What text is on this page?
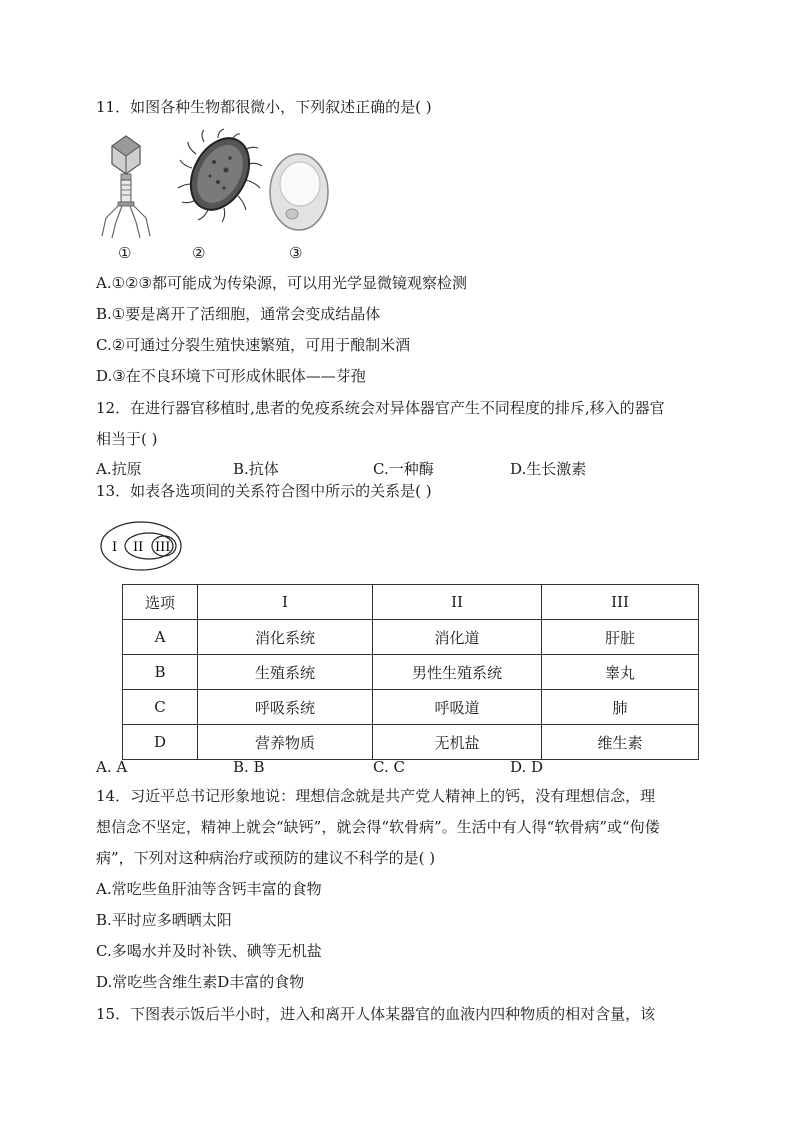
11．如图各种生物都很微小，下列叙述正确的是( )
①	②	③
A.①②③都可能成为传染源，可以用光学显微镜观察检测
B.①要是离开了活细胞，通常会变成结晶体
C.②可通过分裂生殖快速繁殖，可用于酿制米酒
D.③在不良环境下可形成休眠体——芽孢
12．在进行器官移植时,患者的免疫系统会对异体器官产生不同程度的排斥,移入的器官
相当于( )
A.抗原	B.抗体	C.一种酶	D.生长激素
13．如表各选项间的关系符合图中所示的关系是( )
I II III
选项	I	II	III
A	消化系统	消化道	肝脏
B	生殖系统	男性生殖系统	睾丸
C	呼吸系统	呼吸道	肺
D	营养物质	无机盐	维生素
A. A	B. B	C. C	D. D
14．习近平总书记形象地说：理想信念就是共产党人精神上的钙，没有理想信念，理
想信念不坚定，精神上就会“缺钙”，就会得“软骨病”。生活中有人得“软骨病”或“佝偻
病”，下列对这种病治疗或预防的建议不科学的是( )
A.常吃些鱼肝油等含钙丰富的食物
B.平时应多晒晒太阳
C.多喝水并及时补铁、碘等无机盐
D.常吃些含维生素D丰富的食物
15．下图表示饭后半小时，进入和离开人体某器官的血液内四种物质的相对含量，该
